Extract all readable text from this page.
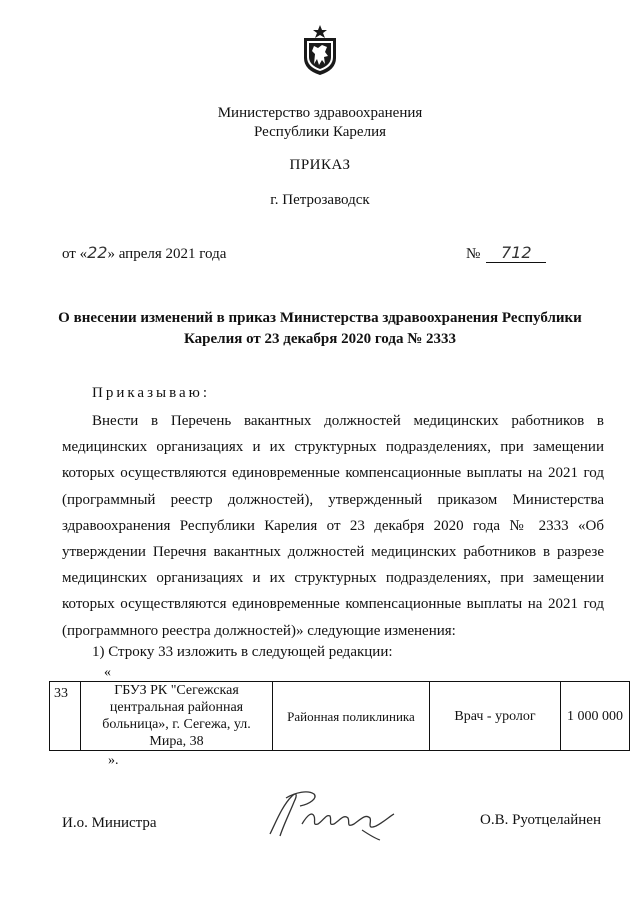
Министерство здравоохранения
Республики Карелия
ПРИКАЗ
г. Петрозаводск
от «22» апреля 2021 года	№ 712
О внесении изменений в приказ Министерства здравоохранения Республики
Карелия от 23 декабря 2020 года № 2333
Приказываю:

Внести в Перечень вакантных должностей медицинских работников в медицинских организациях и их структурных подразделениях, при замещении которых осуществляются единовременные компенсационные выплаты на 2021 год (программный реестр должностей), утвержденный приказом Министерства здравоохранения Республики Карелия от 23 декабря 2020 года № 2333 «Об утверждении Перечня вакантных должностей медицинских работников в разрезе медицинских организациях и их структурных подразделениях, при замещении которых осуществляются единовременные компенсационные выплаты на 2021 год (программного реестра должностей)» следующие изменения:

1) Строку 33 изложить в следующей редакции:
«
33	ГБУЗ РК "Сегежская центральная районная больница», г. Сегежа, ул. Мира, 38	Районная поликлиника	Врач - уролог	1 000 000
».
И.о. Министра	О.В. Руотцелайнен
